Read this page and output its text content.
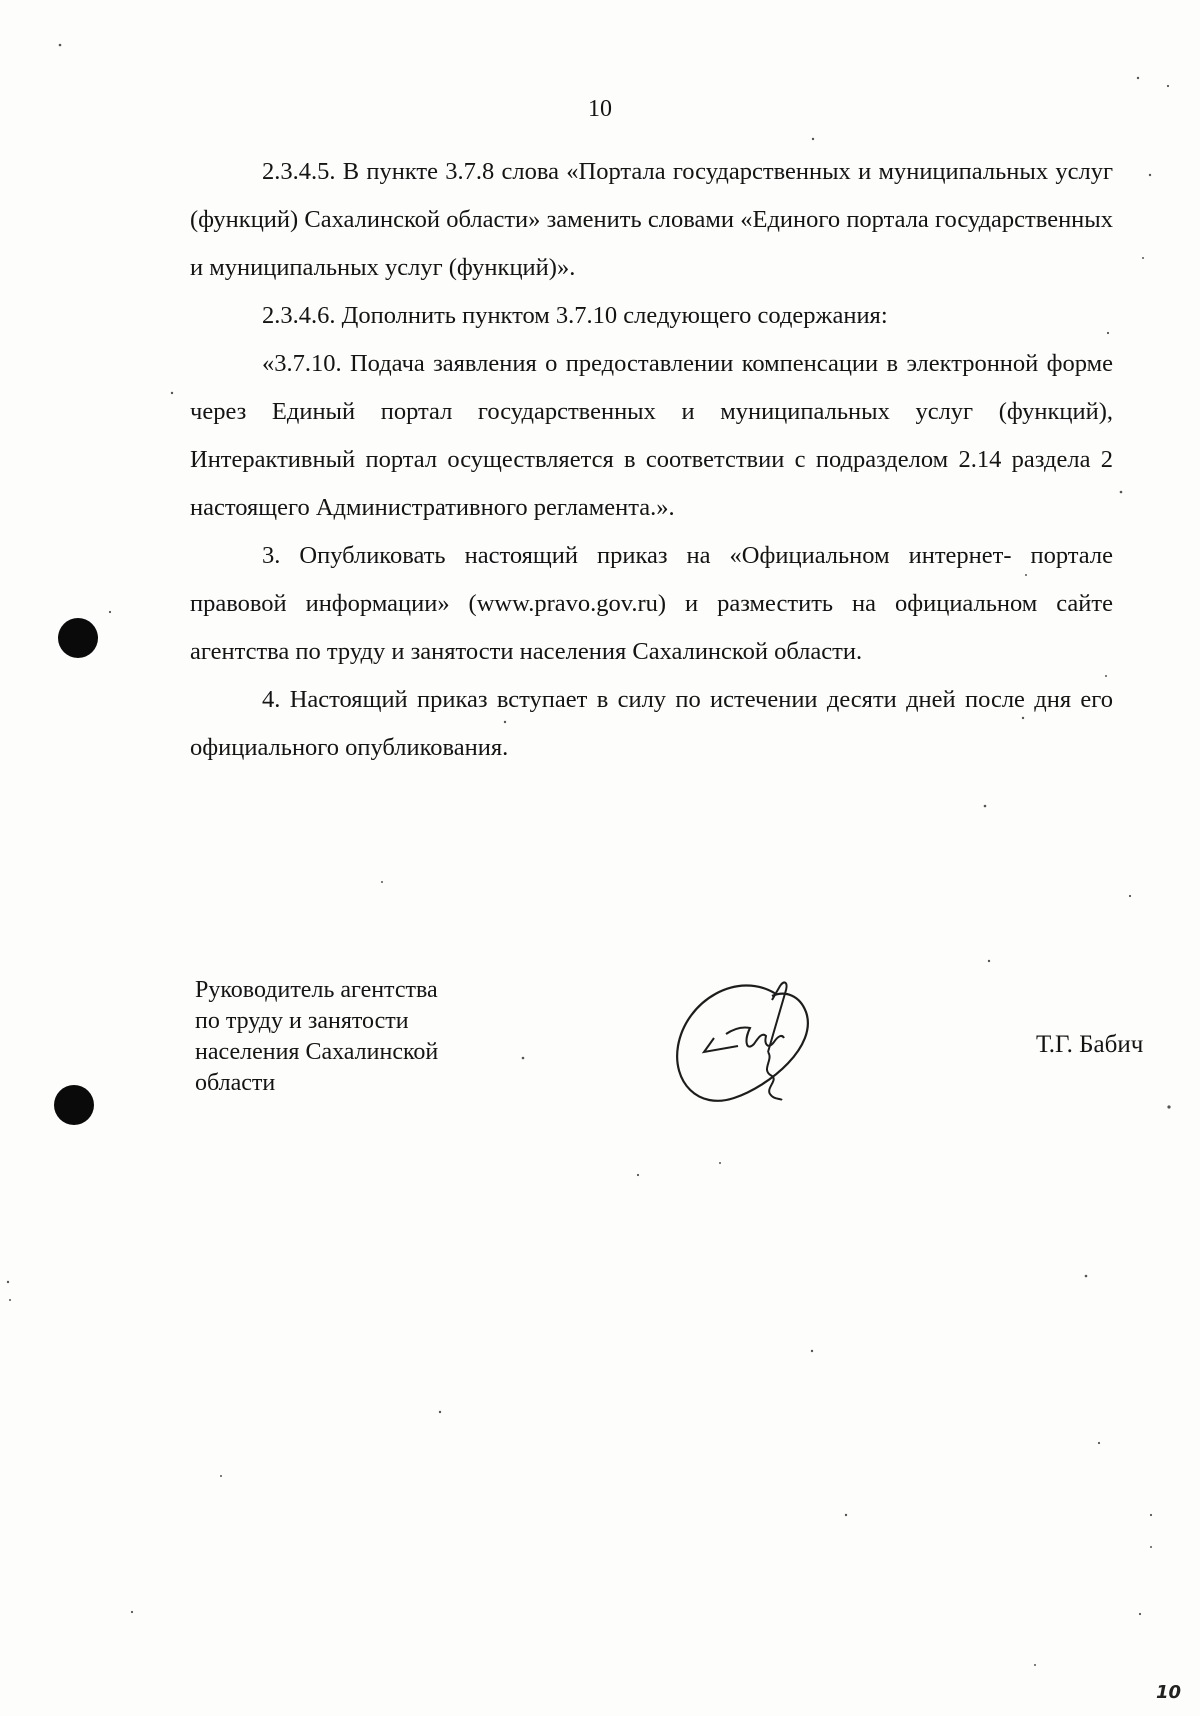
10

2.3.4.5. В пункте 3.7.8 слова «Портала государственных и муниципальных услуг (функций) Сахалинской области» заменить словами «Единого портала государственных и муниципальных услуг (функций)».

2.3.4.6. Дополнить пунктом 3.7.10 следующего содержания:

«3.7.10. Подача заявления о предоставлении компенсации в электронной форме через Единый портал государственных и муниципальных услуг (функций), Интерактивный портал осуществляется в соответствии с подразделом 2.14 раздела 2 настоящего Административного регламента.».

3. Опубликовать настоящий приказ на «Официальном интернет- портале правовой информации» (www.pravo.gov.ru) и разместить на официальном сайте агентства по труду и занятости населения Сахалинской области.

4. Настоящий приказ вступает в силу по истечении десяти дней после дня его официального опубликования.

Руководитель агентства
по труду и занятости
населения Сахалинской
области
Т.Г. Бабич
10
